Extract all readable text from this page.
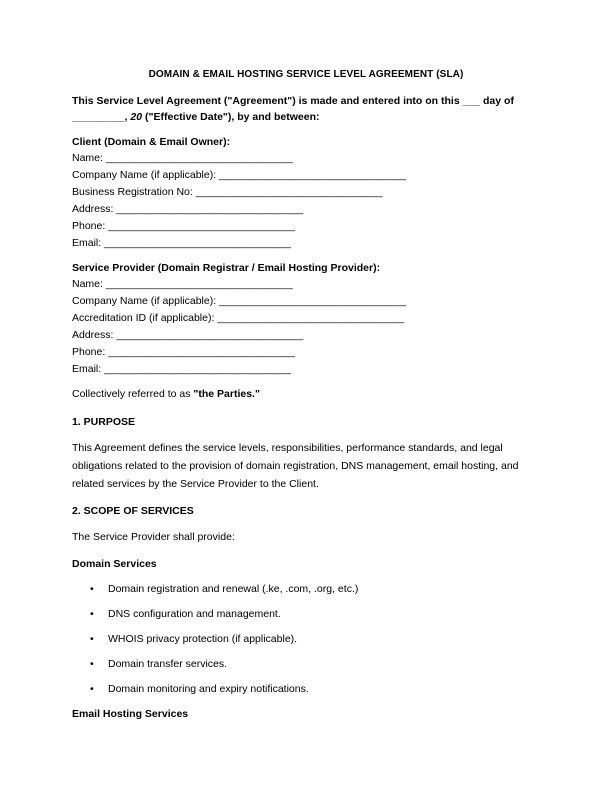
DOMAIN & EMAIL HOSTING SERVICE LEVEL AGREEMENT (SLA)
This Service Level Agreement ("Agreement") is made and entered into on this ___ day of
_________, 20 ("Effective Date"), by and between:
Client (Domain & Email Owner):
Name: ________________________________
Company Name (if applicable): ________________________________
Business Registration No: ________________________________
Address: ________________________________
Phone: ________________________________
Email: ________________________________
Service Provider (Domain Registrar / Email Hosting Provider):
Name: ________________________________
Company Name (if applicable): ________________________________
Accreditation ID (if applicable): ________________________________
Address: ________________________________
Phone: ________________________________
Email: ________________________________
Collectively referred to as "the Parties."
1. PURPOSE
This Agreement defines the service levels, responsibilities, performance standards, and legal obligations related to the provision of domain registration, DNS management, email hosting, and related services by the Service Provider to the Client.
2. SCOPE OF SERVICES
The Service Provider shall provide:
Domain Services
• Domain registration and renewal (.ke, .com, .org, etc.)
• DNS configuration and management.
• WHOIS privacy protection (if applicable).
• Domain transfer services.
• Domain monitoring and expiry notifications.
Email Hosting Services
